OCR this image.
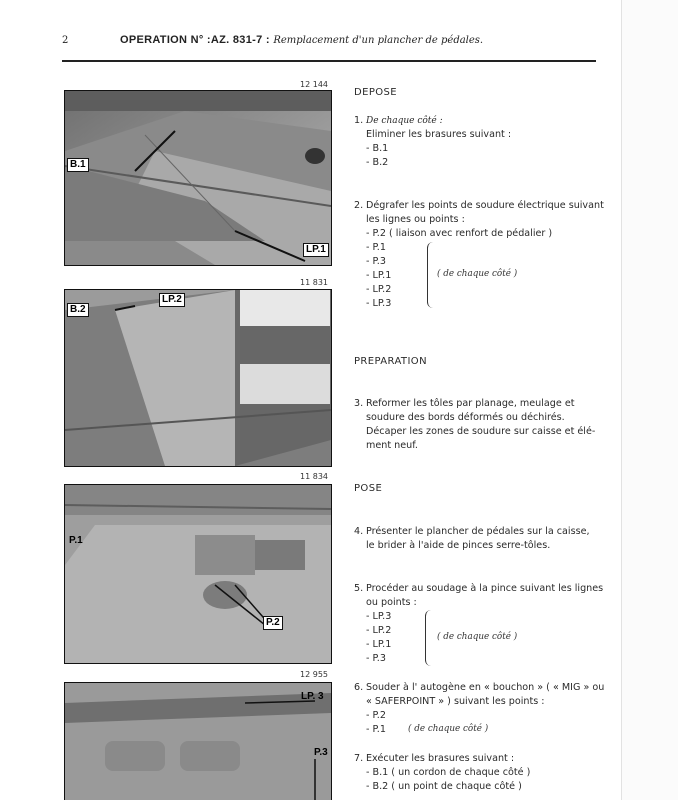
2	OPERATION N° :AZ. 831-7 : Remplacement d'un plancher de pédales.
12 144
B.1
LP.1
11 831
B.2
LP.2
11 834
P.1
P.2
12 955
LP. 3
P.3
DEPOSE
1. De chaque côté :
Eliminer les brasures suivant :
- B.1
- B.2
2. Dégrafer les points de soudure électrique suivant
les lignes ou points :
- P.2 ( liaison avec renfort de pédalier )
- P.1
- P.3
- LP.1
- LP.2
- LP.3
( de chaque côté )
PREPARATION
3. Reformer les tôles par planage, meulage et
soudure des bords déformés ou déchirés.
Décaper les zones de soudure sur caisse et élé-
ment neuf.
POSE
4. Présenter le plancher de pédales sur la caisse,
le brider à l'aide de pinces serre-tôles.
5. Procéder au soudage à la pince suivant les lignes
ou points :
- LP.3
- LP.2
- LP.1
- P.3
( de chaque côté )
6. Souder à l' autogène en « bouchon » ( « MIG » ou
« SAFERPOINT » ) suivant les points :
- P.2
- P.1	( de chaque côté )
7. Exécuter les brasures suivant :
- B.1 ( un cordon de chaque côté )
- B.2 ( un point de chaque côté )
